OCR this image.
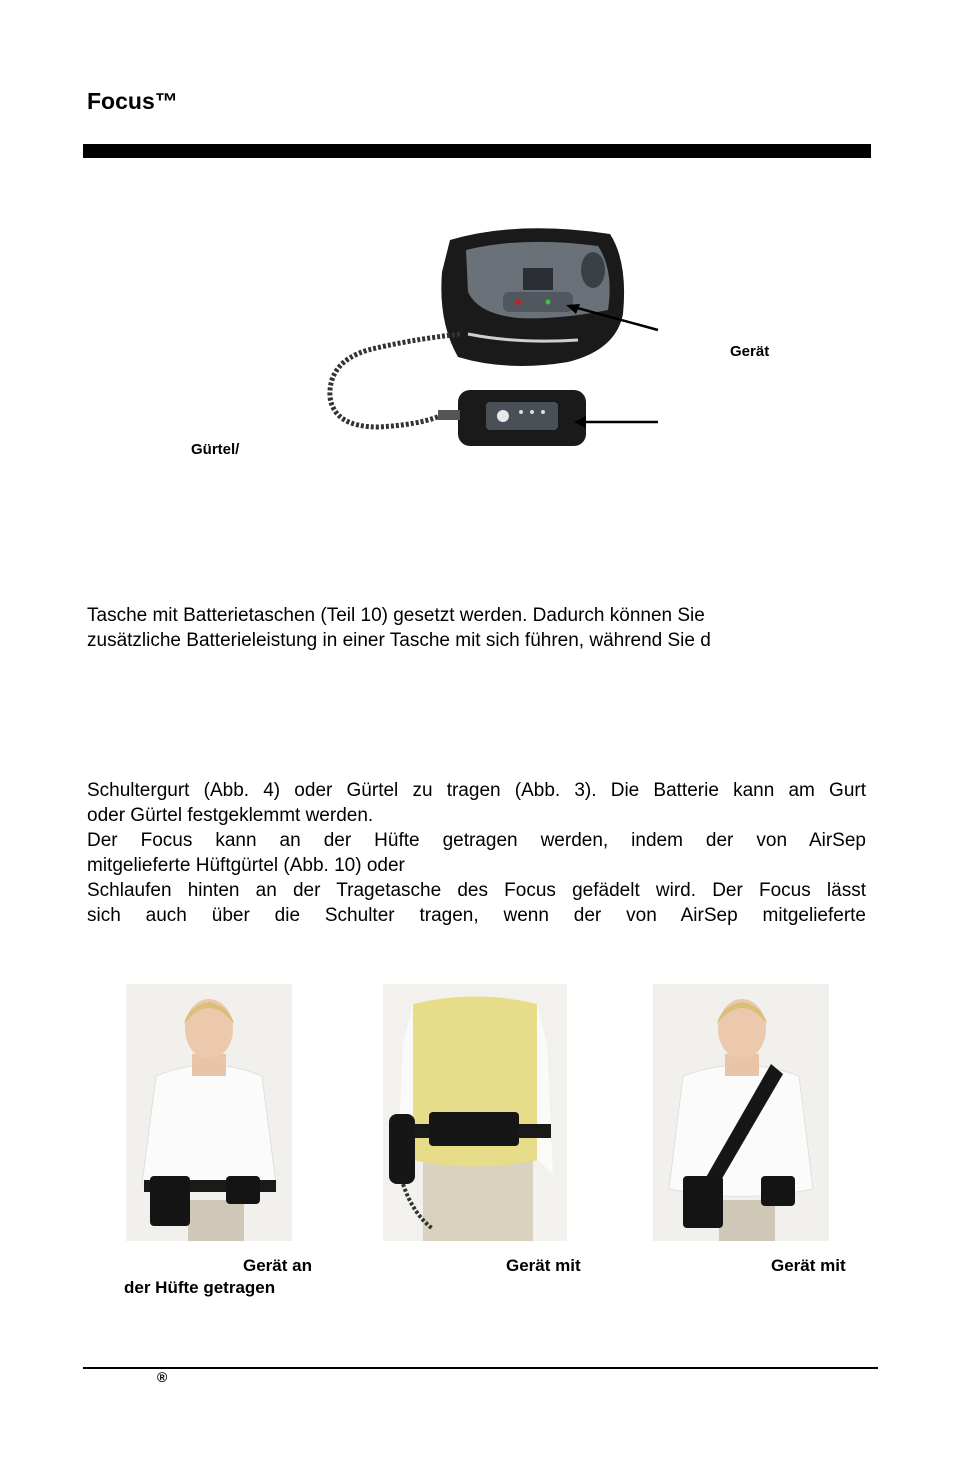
Focus™
Gerät
Gürtel/
Tasche mit Batterietaschen (Teil 10) gesetzt werden. Dadurch können Sie
zusätzliche Batterieleistung in einer Tasche mit sich führen, während Sie d
Schultergurt (Abb. 4) oder Gürtel zu tragen (Abb. 3). Die Batterie kann am Gurt
oder Gürtel festgeklemmt werden.
Der Focus kann an der Hüfte getragen werden, indem der von AirSep
mitgelieferte Hüftgürtel (Abb. 10) oder
Schlaufen hinten an der Tragetasche des Focus gefädelt wird. Der Focus lässt
sich auch über die Schulter tragen, wenn der von AirSep mitgelieferte
Gerät an
der Hüfte getragen
Gerät mit	Gerät mit
®
